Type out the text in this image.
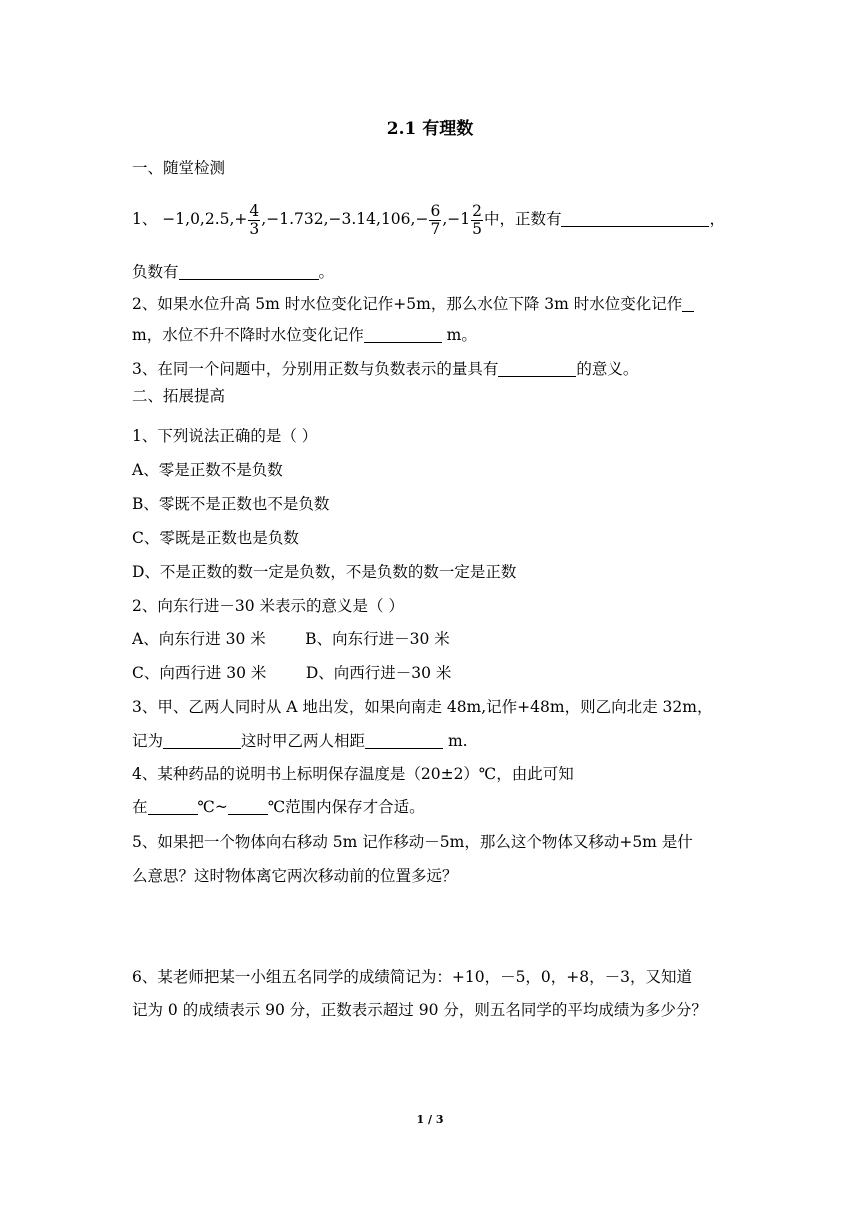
2.1 有理数
一、随堂检测
1、 $-1,0,2.5,+ \frac{4}{3} ,-1.732,-3.14,106,- \frac{6}{7} ,-1 \frac{2}{5}$ 中，正数有	，
负数有	。
2、如果水位升高 5m 时水位变化记作+5m，那么水位下降 3m 时水位变化记作
m，水位不升不降时水位变化记作	m。
3、在同一个问题中，分别用正数与负数表示的量具有	的意义。
二、拓展提高
1、下列说法正确的是（ ）
A、零是正数不是负数
B、零既不是正数也不是负数
C、零既是正数也是负数
D、不是正数的数一定是负数，不是负数的数一定是正数
2、向东行进－30 米表示的意义是（ ）
A、向东行进 30 米        B、向东行进－30 米
C、向西行进 30 米        D、向西行进－30 米
3、甲、乙两人同时从 A 地出发，如果向南走 48m,记作+48m，则乙向北走 32m，
记为	这时甲乙两人相距	m.
4、某种药品的说明书上标明保存温度是（20±2）℃，由此可知
在	℃~	℃范围内保存才合适。
5、如果把一个物体向右移动 5m 记作移动－5m，那么这个物体又移动+5m 是什
么意思？这时物体离它两次移动前的位置多远？
6、某老师把某一小组五名同学的成绩简记为：+10，－5，0，+8，－3，又知道
记为 0 的成绩表示 90 分，正数表示超过 90 分，则五名同学的平均成绩为多少分？
1 / 3
